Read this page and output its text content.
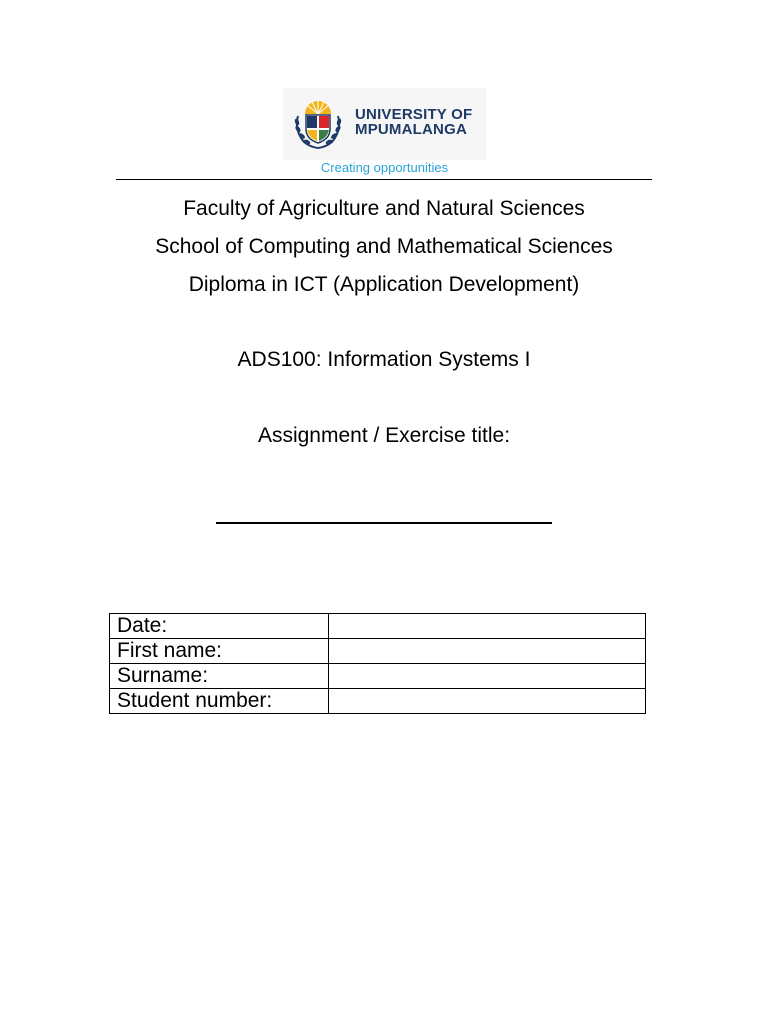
UNIVERSITY OF
MPUMALANGA
Creating opportunities
Faculty of Agriculture and Natural Sciences
School of Computing and Mathematical Sciences
Diploma in ICT (Application Development)
ADS100: Information Systems I
Assignment / Exercise title:
Date:	
First name:	
Surname:	
Student number:	
